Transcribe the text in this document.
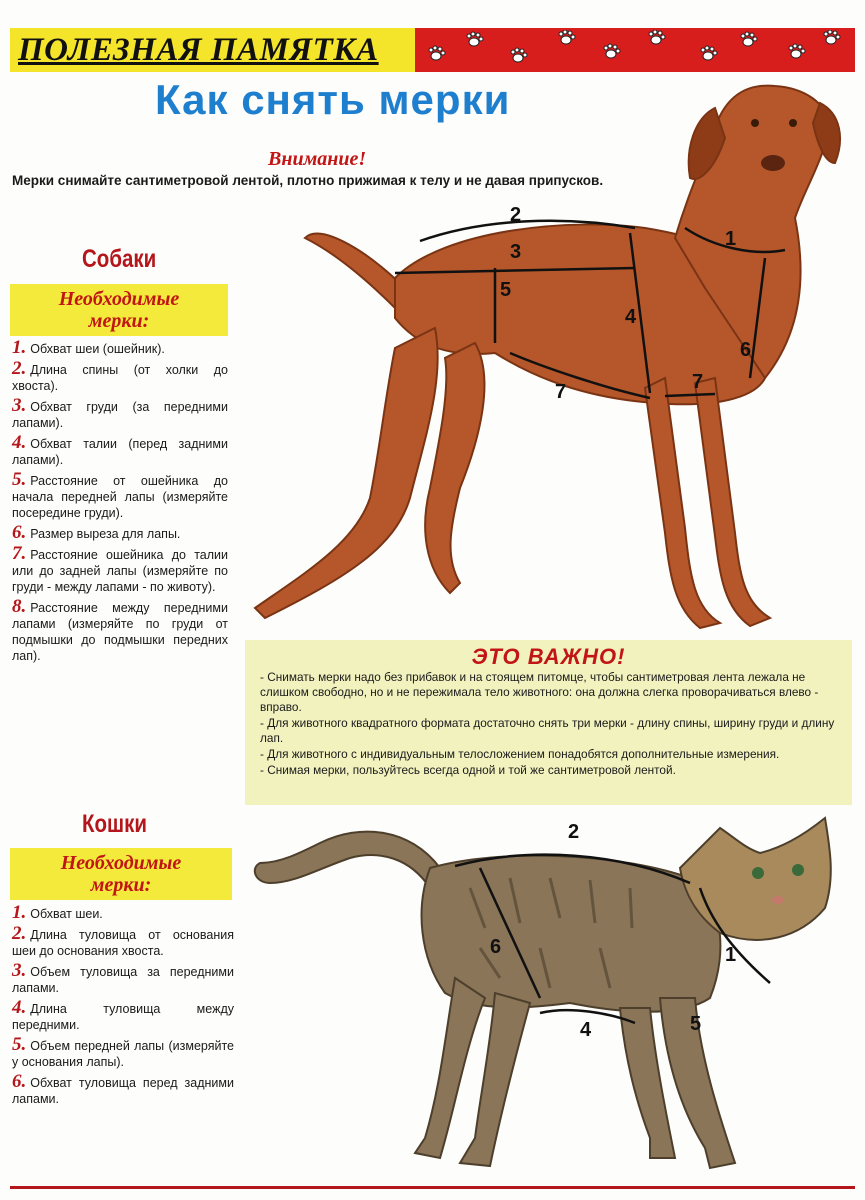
ПОЛЕЗНАЯ ПАМЯТКА
Как снять мерки
Внимание!
Мерки снимайте сантиметровой лентой, плотно прижимая к телу и не давая припусков.
2
3
5
4
1
6
7	7
Собаки
Необходимые
мерки:
1. Обхват шеи (ошейник).
2. Длина спины (от холки до хвоста).
3. Обхват груди (за передними лапами).
4. Обхват талии (перед задними лапами).
5. Расстояние от ошейника до начала передней лапы (измеряйте посередине груди).
6. Размер выреза для лапы.
7. Расстояние ошейника до талии или до задней лапы (измеряйте по груди - между лапами - по животу).
8. Расстояние между передними лапами (измеряйте по груди от подмышки до подмышки передних лап).	ЭТО ВАЖНО!
- Снимать мерки надо без прибавок и на стоящем питомце, чтобы сантиметровая лента лежала не слишком свободно, но и не пережимала тело животного: она должна слегка проворачиваться влево - вправо.
- Для животного квадратного формата достаточно снять три мерки - длину спины, ширину груди и длину лап.
- Для животного с индивидуальным телосложением понадобятся дополнительные измерения.
- Снимая мерки, пользуйтесь всегда одной и той же сантиметровой лентой.
Кошки
Необходимые
мерки:
1. Обхват шеи.
2. Длина туловища от основания шеи до основания хвоста.
3. Объем туловища за передними лапами.
4. Длина туловища между передними.
5. Объем передней лапы (измеряйте у основания лапы).
6. Обхват туловища перед задними лапами.
2
6	1
4	5
